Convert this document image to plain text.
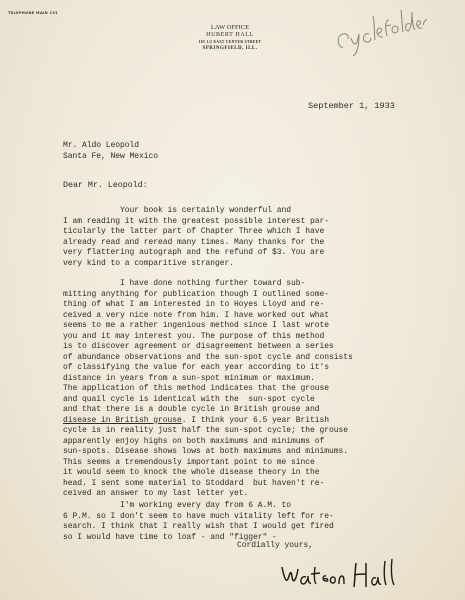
TELEPHONE MAIN 191
LAW OFFICE
HUBERT HALL
105 1/2 EAST CENTER STREET
SPRINGFIELD, ILL.
September 1, 1933
Mr. Aldo Leopold
Santa Fe, New Mexico
Dear Mr. Leopold:
Your book is certainly wonderful and
I am reading it with the greatest possible interest par-
ticularly the latter part of Chapter Three which I have
already read and reread many times. Many thanks for the
very flattering autograph and the refund of $3. You are
very kind to a comparitive stranger.
I have done nothing further toward sub-
mitting anything for publication though I outlined some-
thing of what I am interested in to Hoyes Lloyd and re-
ceived a very nice note from him. I have worked out what
seems to me a rather ingenious method since I last wrote
you and it may interest you. The purpose of this method
is to discover agreement or disagreement between a series
of abundance observations and the sun-spot cycle and consists
of classifying the value for each year according to it's
distance in years from a sun-spot minimum or maximum.
The application of this method indicates that the grouse
and quail cycle is identical with the  sun-spot cycle
and that there is a double cycle in British grouse and
disease in British grouse. I think your 6.5 year British
cycle is in reality just half the sun-spot cycle; the grouse
apparently enjoy highs on both maximums and minimums of
sun-spots. Disease shows lows at both maximums and minimums.
This seems a tremendously important point to me since
it would seem to knock the whole disease theory in the
head. I sent some material to Stoddard  but haven't re-
ceived an answer to my last letter yet.
I'm working every day from 6 A.M. to
6 P.M. so I don't seem to have much vitality left for re-
search. I think that I really wish that I would get fired
so I would have time to loaf - and "figger" -
Cordially yours,
